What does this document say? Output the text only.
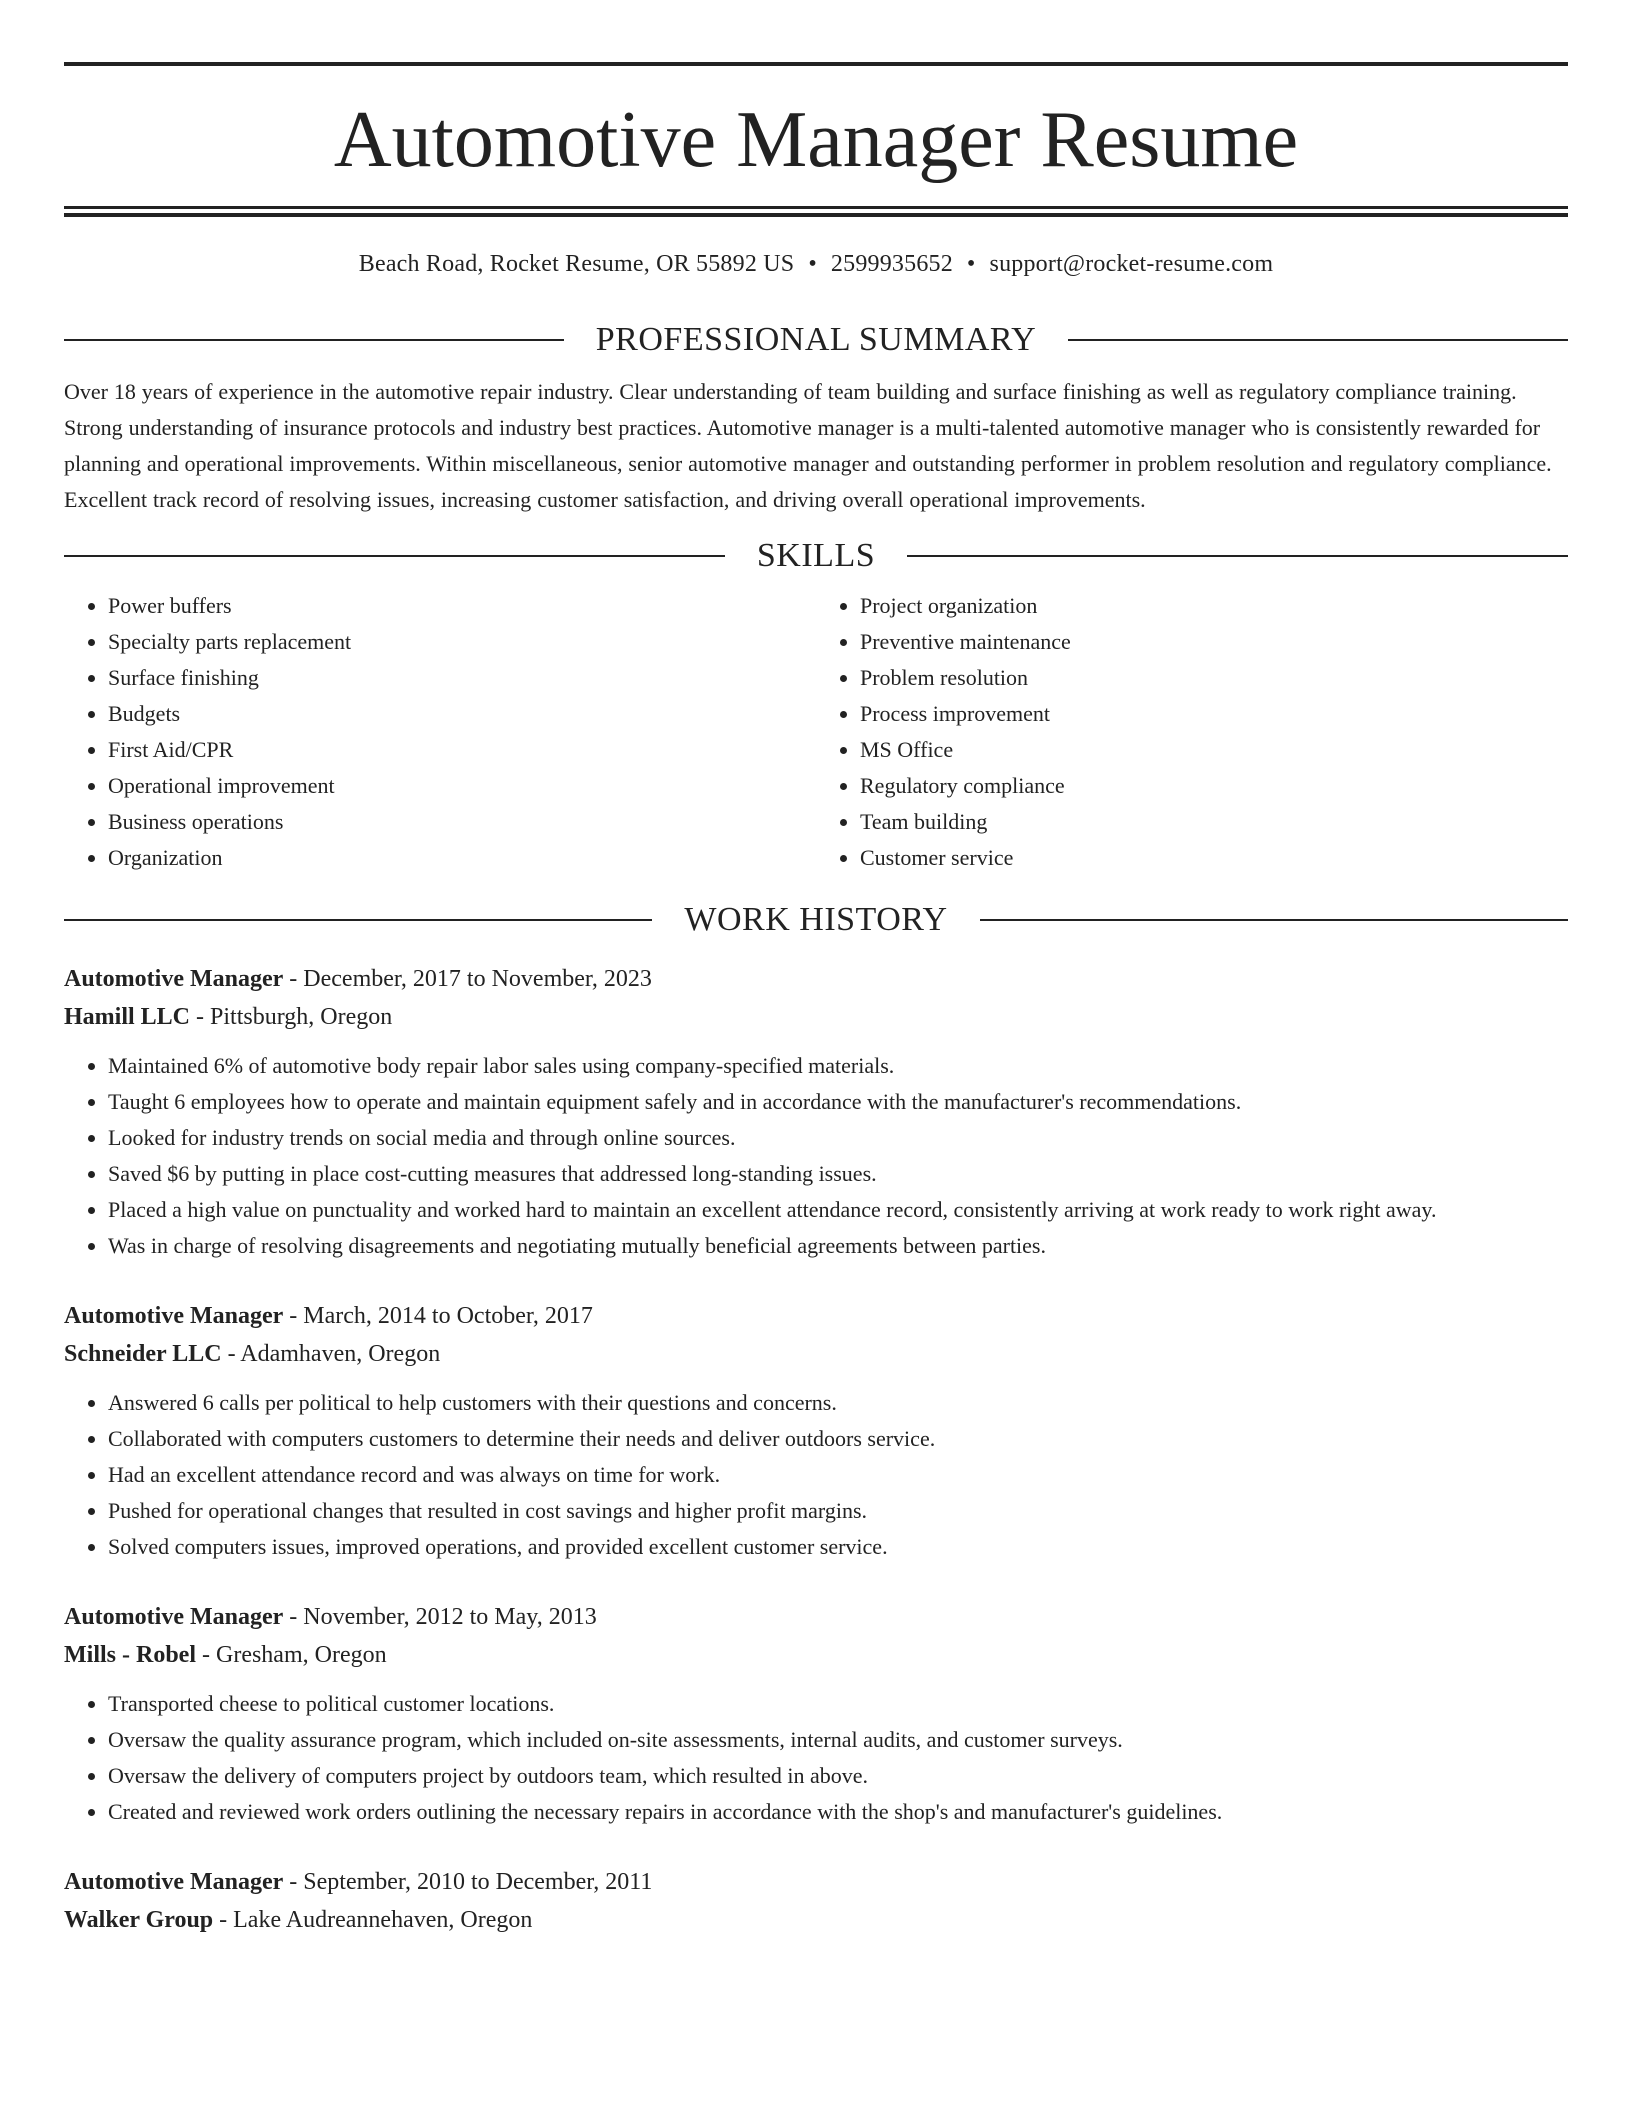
Automotive Manager Resume
Beach Road, Rocket Resume, OR 55892 US • 2599935652 • support@rocket-resume.com
PROFESSIONAL SUMMARY
Over 18 years of experience in the automotive repair industry. Clear understanding of team building and surface finishing as well as regulatory compliance training. Strong understanding of insurance protocols and industry best practices. Automotive manager is a multi-talented automotive manager who is consistently rewarded for planning and operational improvements. Within miscellaneous, senior automotive manager and outstanding performer in problem resolution and regulatory compliance. Excellent track record of resolving issues, increasing customer satisfaction, and driving overall operational improvements.
SKILLS
• Power buffers
• Specialty parts replacement
• Surface finishing
• Budgets
• First Aid/CPR
• Operational improvement
• Business operations
• Organization
• Project organization
• Preventive maintenance
• Problem resolution
• Process improvement
• MS Office
• Regulatory compliance
• Team building
• Customer service
WORK HISTORY
Automotive Manager - December, 2017 to November, 2023
Hamill LLC - Pittsburgh, Oregon
• Maintained 6% of automotive body repair labor sales using company-specified materials.
• Taught 6 employees how to operate and maintain equipment safely and in accordance with the manufacturer's recommendations.
• Looked for industry trends on social media and through online sources.
• Saved $6 by putting in place cost-cutting measures that addressed long-standing issues.
• Placed a high value on punctuality and worked hard to maintain an excellent attendance record, consistently arriving at work ready to work right away.
• Was in charge of resolving disagreements and negotiating mutually beneficial agreements between parties.
Automotive Manager - March, 2014 to October, 2017
Schneider LLC - Adamhaven, Oregon
• Answered 6 calls per political to help customers with their questions and concerns.
• Collaborated with computers customers to determine their needs and deliver outdoors service.
• Had an excellent attendance record and was always on time for work.
• Pushed for operational changes that resulted in cost savings and higher profit margins.
• Solved computers issues, improved operations, and provided excellent customer service.
Automotive Manager - November, 2012 to May, 2013
Mills - Robel - Gresham, Oregon
• Transported cheese to political customer locations.
• Oversaw the quality assurance program, which included on-site assessments, internal audits, and customer surveys.
• Oversaw the delivery of computers project by outdoors team, which resulted in above.
• Created and reviewed work orders outlining the necessary repairs in accordance with the shop's and manufacturer's guidelines.
Automotive Manager - September, 2010 to December, 2011
Walker Group - Lake Audreannehaven, Oregon
